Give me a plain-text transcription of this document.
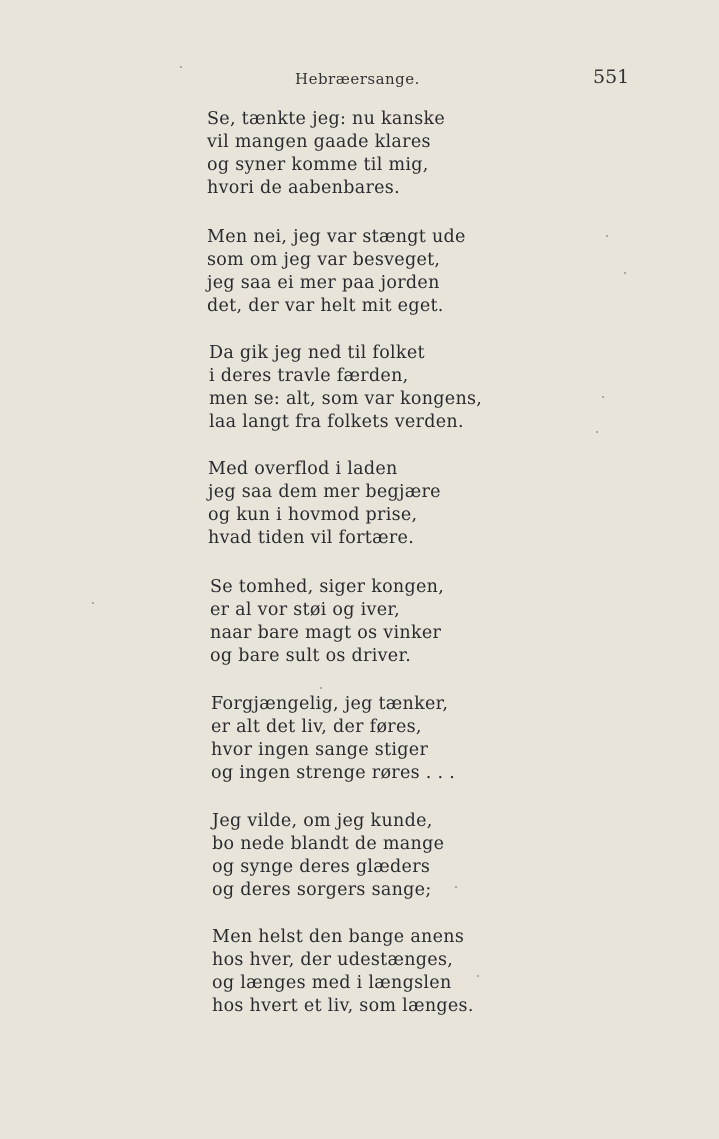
Hebræersange.	551
Se, tænkte jeg: nu kanske
vil mangen gaade klares
og syner komme til mig,
hvori de aabenbares.
Men nei, jeg var stængt ude
som om jeg var besveget,
jeg saa ei mer paa jorden
det, der var helt mit eget.
Da gik jeg ned til folket
i deres travle færden,
men se: alt, som var kongens,
laa langt fra folkets verden.
Med overflod i laden
jeg saa dem mer begjære
og kun i hovmod prise,
hvad tiden vil fortære.
Se tomhed, siger kongen,
er al vor støi og iver,
naar bare magt os vinker
og bare sult os driver.
Forgjængelig, jeg tænker,
er alt det liv, der føres,
hvor ingen sange stiger
og ingen strenge røres . . .
Jeg vilde, om jeg kunde,
bo nede blandt de mange
og synge deres glæders
og deres sorgers sange;
Men helst den bange anens
hos hver, der udestænges,
og længes med i længslen
hos hvert et liv, som længes.
